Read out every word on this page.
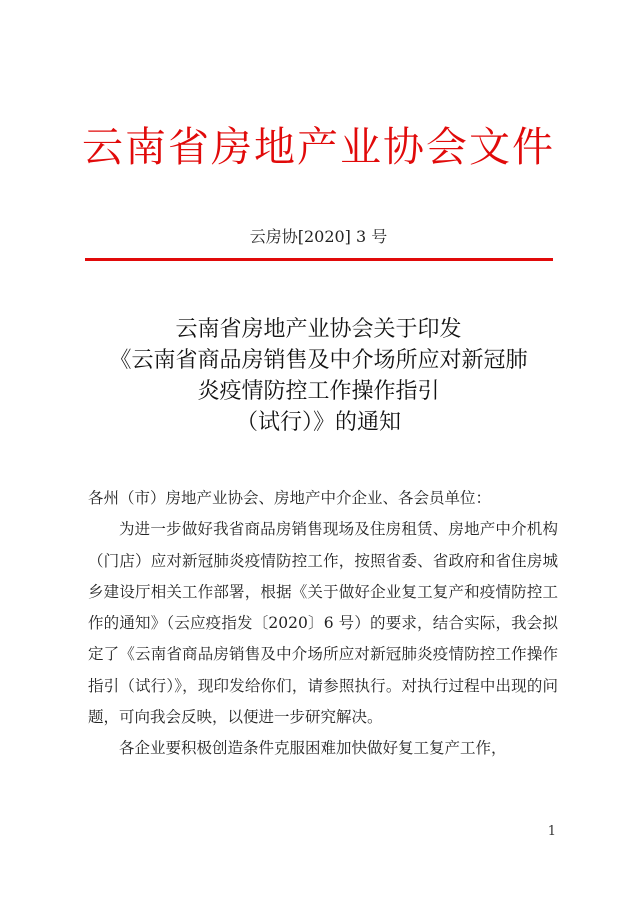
云南省房地产业协会文件
云房协[2020] 3 号
云南省房地产业协会关于印发
《云南省商品房销售及中介场所应对新冠肺
炎疫情防控工作操作指引
（试行）》的通知

各州（市）房地产业协会、房地产中介企业、各会员单位：

为进一步做好我省商品房销售现场及住房租赁、房地产中介机构（门店）应对新冠肺炎疫情防控工作，按照省委、省政府和省住房城乡建设厅相关工作部署，根据《关于做好企业复工复产和疫情防控工作的通知》（云应疫指发〔2020〕6 号）的要求，结合实际，我会拟定了《云南省商品房销售及中介场所应对新冠肺炎疫情防控工作操作指引（试行）》，现印发给你们，请参照执行。对执行过程中出现的问题，可向我会反映，以便进一步研究解决。

各企业要积极创造条件克服困难加快做好复工复产工作，

1
